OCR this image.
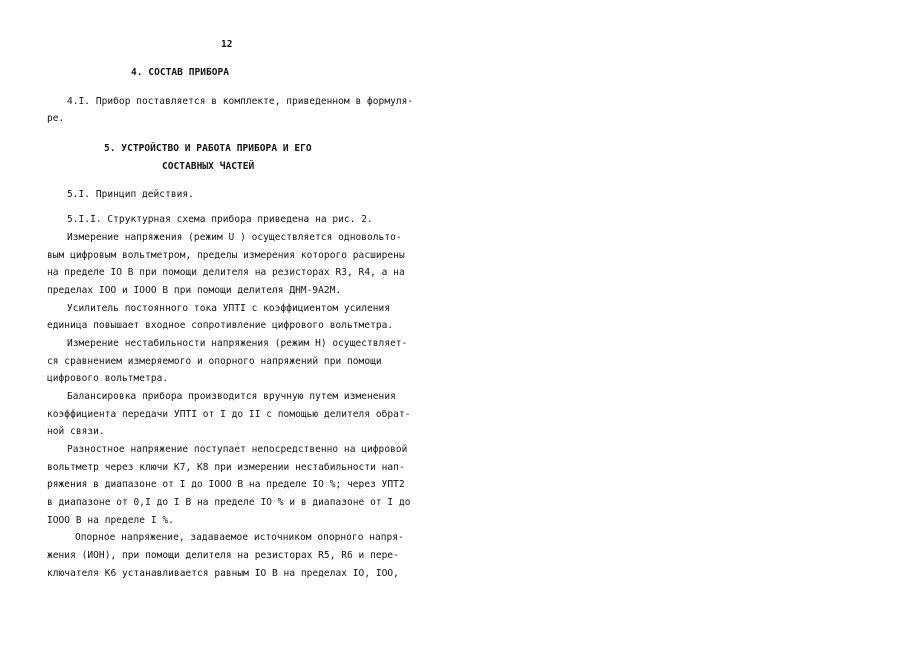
12
4. СОСТАВ ПРИБОРА
4.I. Прибор поставляется в комплекте, приведенном в формуля-
ре.
5. УСТРОЙСТВО И РАБОТА ПРИБОРА И ЕГО
СОСТАВНЫХ ЧАСТЕЙ
5.I. Принцип действия.
5.I.I. Структурная схема прибора приведена на рис. 2.
Измерение напряжения (режим U ) осуществляется одновольто-
вым цифровым вольтметром, пределы измерения которого расширены
на пределе IO В при помощи делителя на резисторах R3, R4, а на
пределах IOO и IOOO В при помощи делителя ДНМ-9А2М.
Усилитель постоянного тока УПТI с коэффициентом усиления
единица повышает входное сопротивление цифрового вольтметра.
Измерение нестабильности напряжения (режим Н) осуществляет-
ся сравнением измеряемого и опорного напряжений при помощи
цифрового вольтметра.
Балансировка прибора производится вручную путем изменения
коэффициента передачи УПТI от I до II с помощью делителя обрат-
ной связи.
Разностное напряжение поступает непосредственно на цифровой
вольтметр через ключи К7, К8 при измерении нестабильности нап-
ряжения в диапазоне от I до IOOO В на пределе IO %; через УПТ2
в диапазоне от 0,I до I В на пределе IO % и в диапазоне от I до
IOOO В на пределе I %.
Опорное напряжение, задаваемое источником опорного напря-
жения (ИОН), при помощи делителя на резисторах R5, R6 и пере-
ключателя К6 устанавливается равным IO В на пределах IO, IOO,
